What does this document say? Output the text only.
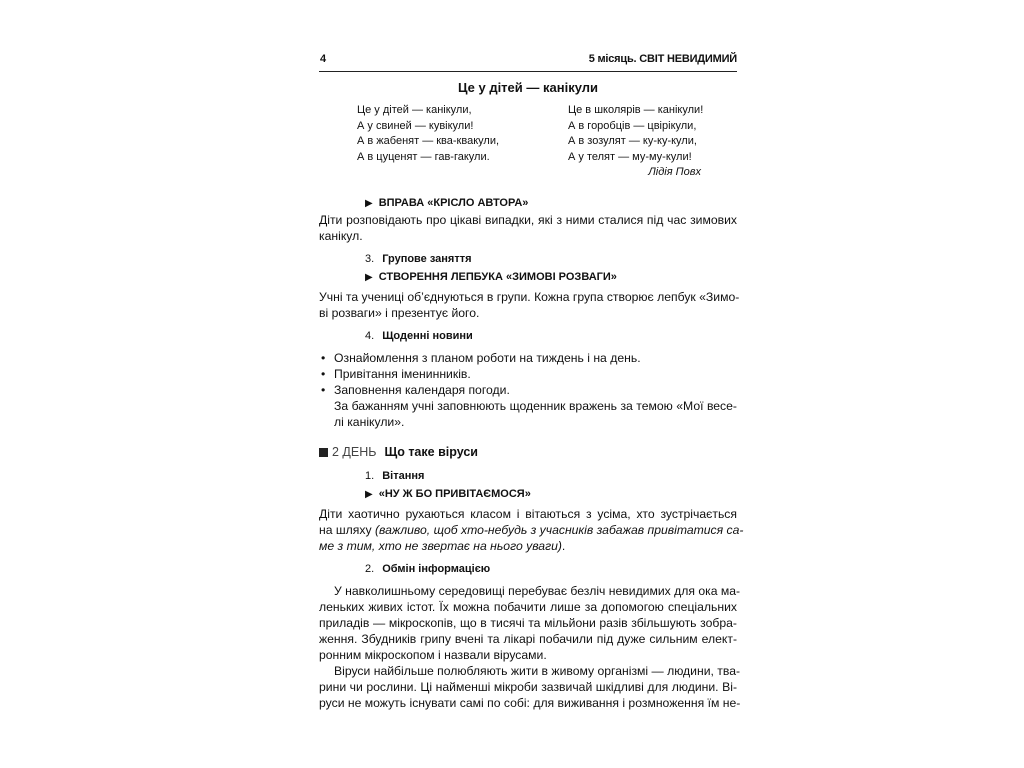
4	5 місяць. СВІТ НЕВИДИМИЙ
Це у дітей — канікули
Це у дітей — канікули,
А у свиней — кувікули!
А в жабенят — ква-квакули,
А в цуценят — гав-гакули.
Це в школярів — канікули!
А в горобців — цвірікули,
А в зозулят — ку-ку-кули,
А у телят — му-му-кули!
Лідія Повх
▶ ВПРАВА «КРІСЛО АВТОРА»
Діти розповідають про цікаві випадки, які з ними сталися під час зимових
канікул.
3. Групове заняття
▶ СТВОРЕННЯ ЛЕПБУКА «ЗИМОВІ РОЗВАГИ»
Учні та учениці об’єднуються в групи. Кожна група створює лепбук «Зимо-
ві розваги» і презентує його.
4. Щоденні новини
• Ознайомлення з планом роботи на тиждень і на день.
• Привітання іменинників.
• Заповнення календаря погоди.
За бажанням учні заповнюють щоденник вражень за темою «Мої весе-
лі канікули».
2 ДЕНЬ Що таке віруси
1. Вітання
▶ «НУ Ж БО ПРИВІТАЄМОСЯ»
Діти хаотично рухаються класом і вітаються з усіма, хто зустрічається
на шляху (важливо, щоб хто-небудь з учасників забажав привітатися са-
ме з тим, хто не звертає на нього уваги).
2. Обмін інформацією
У навколишньому середовищі перебуває безліч невидимих для ока ма-
леньких живих істот. Їх можна побачити лише за допомогою спеціальних
приладів — мікроскопів, що в тисячі та мільйони разів збільшують зобра-
ження. Збудників грипу вчені та лікарі побачили під дуже сильним елект-
ронним мікроскопом і назвали вірусами.
Віруси найбільше полюбляють жити в живому організмі — людини, тва-
рини чи рослини. Ці найменші мікроби зазвичай шкідливі для людини. Ві-
руси не можуть існувати самі по собі: для виживання і розмноження їм не-
